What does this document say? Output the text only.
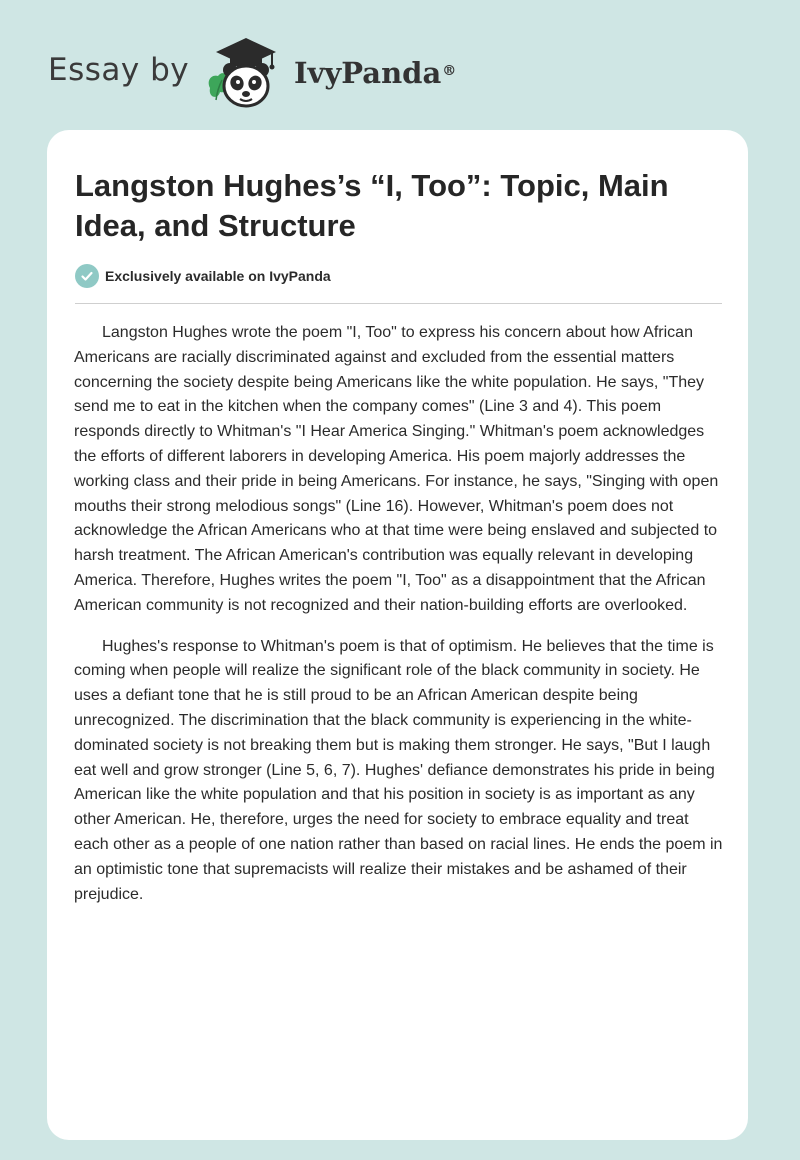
Essay by	IvyPanda®
Langston Hughes’s “I, Too”: Topic, Main Idea, and Structure
Exclusively available on IvyPanda

Langston Hughes wrote the poem "I, Too" to express his concern about how African Americans are racially discriminated against and excluded from the essential matters concerning the society despite being Americans like the white population. He says, "They send me to eat in the kitchen when the company comes" (Line 3 and 4). This poem responds directly to Whitman's "I Hear America Singing." Whitman's poem acknowledges the efforts of different laborers in developing America. His poem majorly addresses the working class and their pride in being Americans. For instance, he says, "Singing with open mouths their strong melodious songs" (Line 16). However, Whitman's poem does not acknowledge the African Americans who at that time were being enslaved and subjected to harsh treatment. The African American's contribution was equally relevant in developing America. Therefore, Hughes writes the poem "I, Too" as a disappointment that the African American community is not recognized and their nation-building efforts are overlooked.

Hughes's response to Whitman's poem is that of optimism. He believes that the time is coming when people will realize the significant role of the black community in society. He uses a defiant tone that he is still proud to be an African American despite being unrecognized. The discrimination that the black community is experiencing in the white-dominated society is not breaking them but is making them stronger. He says, "But I laugh eat well and grow stronger (Line 5, 6, 7). Hughes' defiance demonstrates his pride in being American like the white population and that his position in society is as important as any other American. He, therefore, urges the need for society to embrace equality and treat each other as a people of one nation rather than based on racial lines. He ends the poem in an optimistic tone that supremacists will realize their mistakes and be ashamed of their prejudice.
